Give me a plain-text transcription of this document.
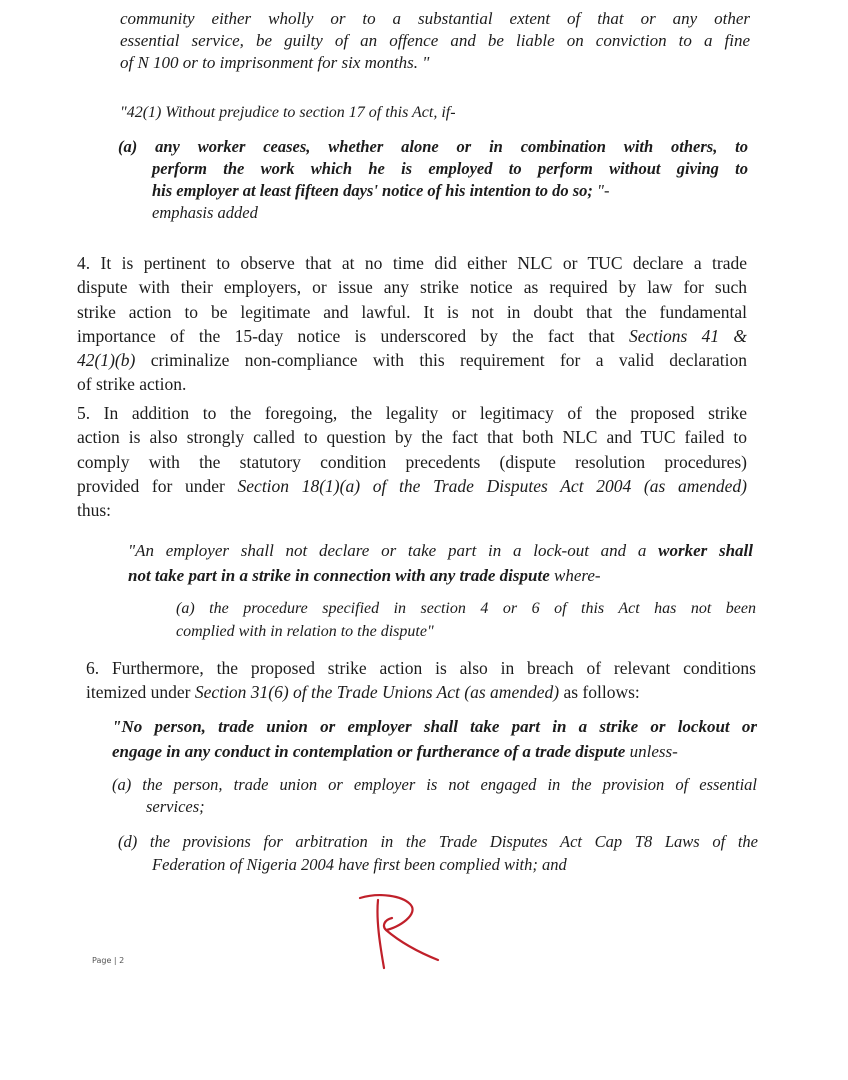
community either wholly or to a substantial extent of that or any other
essential service, be guilty of an offence and be liable on conviction to a fine
of N 100 or to imprisonment for six months. "
"42(1) Without prejudice to section 17 of this Act, if-
(a) any worker ceases, whether alone or in combination with others, to
perform the work which he is employed to perform without giving to
his employer at least fifteen days' notice of his intention to do so; "-
emphasis added
4. It is pertinent to observe that at no time did either NLC or TUC declare a trade
dispute with their employers, or issue any strike notice as required by law for such
strike action to be legitimate and lawful. It is not in doubt that the fundamental
importance of the 15-day notice is underscored by the fact that Sections 41 &
42(1)(b) criminalize non-compliance with this requirement for a valid declaration
of strike action.
5. In addition to the foregoing, the legality or legitimacy of the proposed strike
action is also strongly called to question by the fact that both NLC and TUC failed to
comply with the statutory condition precedents (dispute resolution procedures)
provided for under Section 18(1)(a) of the Trade Disputes Act 2004 (as amended)
thus:
"An employer shall not declare or take part in a lock-out and a worker shall
not take part in a strike in connection with any trade dispute where-
(a) the procedure specified in section 4 or 6 of this Act has not been
complied with in relation to the dispute"
6. Furthermore, the proposed strike action is also in breach of relevant conditions
itemized under Section 31(6) of the Trade Unions Act (as amended) as follows:
"No person, trade union or employer shall take part in a strike or lockout or
engage in any conduct in contemplation or furtherance of a trade dispute unless-
(a) the person, trade union or employer is not engaged in the provision of essential
services;
(d) the provisions for arbitration in the Trade Disputes Act Cap T8 Laws of the
Federation of Nigeria 2004 have first been complied with; and
Page | 2
